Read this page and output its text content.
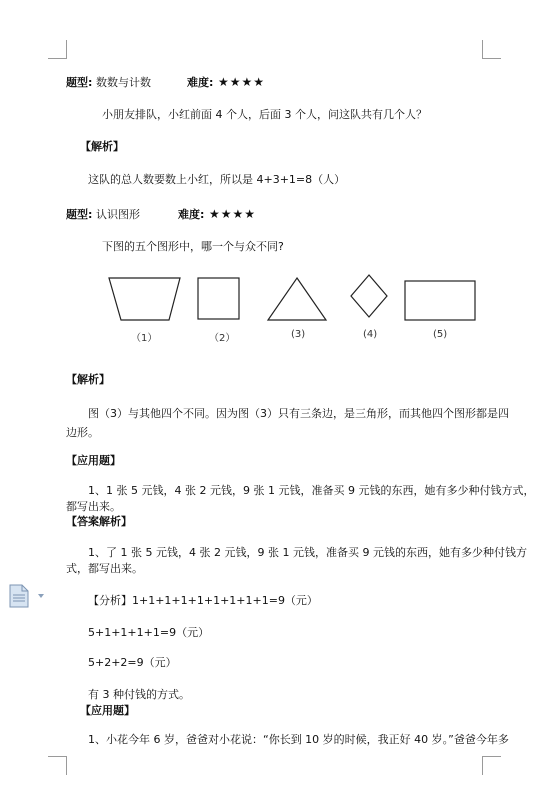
题型: 数数与计数	难度: ★★★★
小朋友排队，小红前面 4 个人，后面 3 个人，问这队共有几个人？
【解析】
这队的总人数要数上小红，所以是 4+3+1=8（人）
题型: 认识图形	难度: ★★★★
下图的五个图形中，哪一个与众不同?
（1）	（2）	(3)	(4)	(5)
【解析】
图（3）与其他四个不同。因为图（3）只有三条边，是三角形，而其他四个图形都是四
边形。
【应用题】
1、1 张 5 元钱，4 张 2 元钱，9 张 1 元钱，准备买 9 元钱的东西，她有多少种付钱方式，
都写出来。
【答案解析】
1、了 1 张 5 元钱，4 张 2 元钱，9 张 1 元钱，准备买 9 元钱的东西，她有多少种付钱方
式，都写出来。
【分析】1+1+1+1+1+1+1+1+1=9（元）
5+1+1+1+1=9（元）
5+2+2=9（元）
有 3 种付钱的方式。
【应用题】
1、小花今年 6 岁，爸爸对小花说：“你长到 10 岁的时候，我正好 40 岁。”爸爸今年多
